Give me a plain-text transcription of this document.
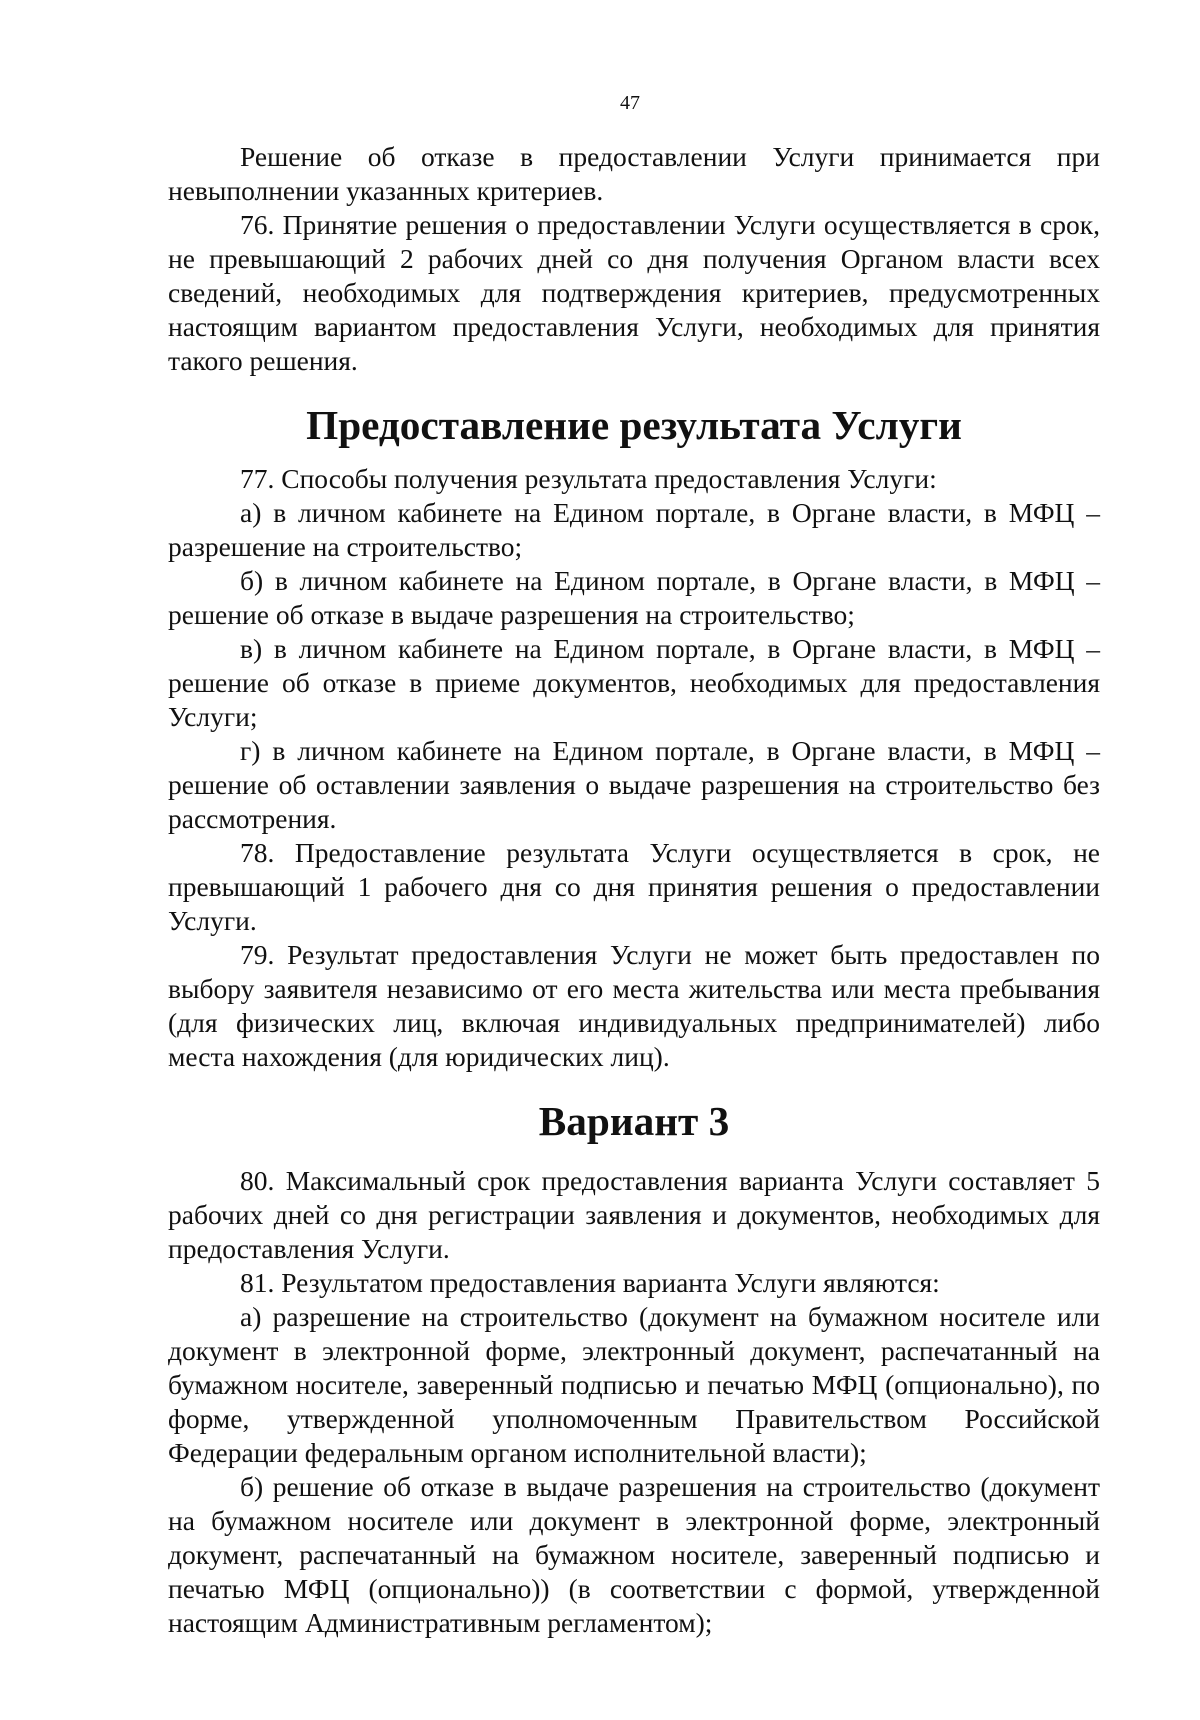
47

Решение об отказе в предоставлении Услуги принимается при невыполнении указанных критериев.

76. Принятие решения о предоставлении Услуги осуществляется в срок, не превышающий 2 рабочих дней со дня получения Органом власти всех сведений, необходимых для подтверждения критериев, предусмотренных настоящим вариантом предоставления Услуги, необходимых для принятия такого решения.

Предоставление результата Услуги

77. Способы получения результата предоставления Услуги:

а) в личном кабинете на Едином портале, в Органе власти, в МФЦ – разрешение на строительство;

б) в личном кабинете на Едином портале, в Органе власти, в МФЦ – решение об отказе в выдаче разрешения на строительство;

в) в личном кабинете на Едином портале, в Органе власти, в МФЦ – решение об отказе в приеме документов, необходимых для предоставления Услуги;

г) в личном кабинете на Едином портале, в Органе власти, в МФЦ – решение об оставлении заявления о выдаче разрешения на строительство без рассмотрения.

78. Предоставление результата Услуги осуществляется в срок, не превышающий 1 рабочего дня со дня принятия решения о предоставлении Услуги.

79. Результат предоставления Услуги не может быть предоставлен по выбору заявителя независимо от его места жительства или места пребывания (для физических лиц, включая индивидуальных предпринимателей) либо места нахождения (для юридических лиц).

Вариант 3

80. Максимальный срок предоставления варианта Услуги составляет 5 рабочих дней со дня регистрации заявления и документов, необходимых для предоставления Услуги.

81. Результатом предоставления варианта Услуги являются:

а) разрешение на строительство (документ на бумажном носителе или документ в электронной форме, электронный документ, распечатанный на бумажном носителе, заверенный подписью и печатью МФЦ (опционально), по форме, утвержденной уполномоченным Правительством Российской Федерации федеральным органом исполнительной власти);

б) решение об отказе в выдаче разрешения на строительство (документ на бумажном носителе или документ в электронной форме, электронный документ, распечатанный на бумажном носителе, заверенный подписью и печатью МФЦ (опционально)) (в соответствии с формой, утвержденной настоящим Административным регламентом);
